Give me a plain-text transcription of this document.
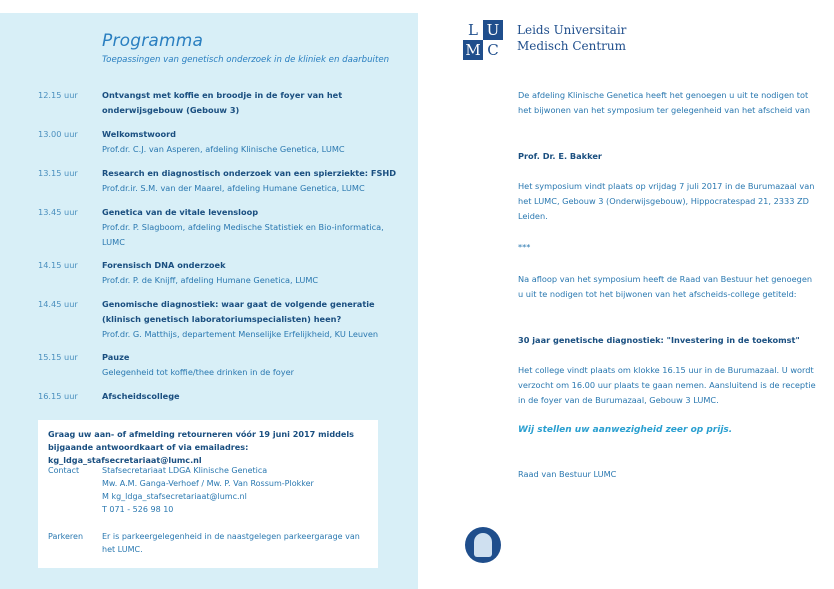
Programma
Toepassingen van genetisch onderzoek in de kliniek en daarbuiten
12.15 uur	Ontvangst met koffie en broodje in de foyer van het onderwijsgebouw (Gebouw 3)
13.00 uur	Welkomstwoord
Prof.dr. C.J. van Asperen, afdeling Klinische Genetica, LUMC
13.15 uur	Research en diagnostisch onderzoek van een spierziekte: FSHD
Prof.dr.ir. S.M. van der Maarel, afdeling Humane Genetica, LUMC
13.45 uur	Genetica van de vitale levensloop
Prof.dr. P. Slagboom, afdeling Medische Statistiek en Bio-informatica, LUMC
14.15 uur	Forensisch DNA onderzoek
Prof.dr. P. de Knijff, afdeling Humane Genetica, LUMC
14.45 uur	Genomische diagnostiek: waar gaat de volgende generatie (klinisch genetisch laboratoriumspecialisten) heen?
Prof.dr. G. Matthijs, departement Menselijke Erfelijkheid, KU Leuven
15.15 uur	Pauze
Gelegenheid tot koffie/thee drinken in de foyer
16.15 uur	Afscheidscollege
Graag uw aan- of afmelding retourneren vóór 19 juni 2017 middels bijgaande antwoordkaart of via emailadres: kg_ldga_stafsecretariaat@lumc.nl
Contact	Stafsecretariaat LDGA Klinische Genetica
Mw. A.M. Ganga-Verhoef / Mw. P. Van Rossum-Plokker
M kg_ldga_stafsecretariaat@lumc.nl
T 071 - 526 98 10
Parkeren Er is parkeergelegenheid in de naastgelegen parkeergarage van het LUMC.
L U
M C
Leids Universitair
Medisch Centrum
De afdeling Klinische Genetica heeft het genoegen u uit te nodigen tot het bijwonen van het symposium ter gelegenheid van het afscheid van
Prof. Dr. E. Bakker
Het symposium vindt plaats op vrijdag 7 juli 2017 in de Burumazaal van het LUMC, Gebouw 3 (Onderwijsgebouw), Hippocratespad 21, 2333 ZD Leiden.
***
Na afloop van het symposium heeft de Raad van Bestuur het genoegen u uit te nodigen tot het bijwonen van het afscheids-college getiteld:
30 jaar genetische diagnostiek: "Investering in de toekomst"
Het college vindt plaats om klokke 16.15 uur in de Burumazaal. U wordt verzocht om 16.00 uur plaats te gaan nemen. Aansluitend is de receptie in de foyer van de Burumazaal, Gebouw 3 LUMC.
Wij stellen uw aanwezigheid zeer op prijs.
Raad van Bestuur LUMC
